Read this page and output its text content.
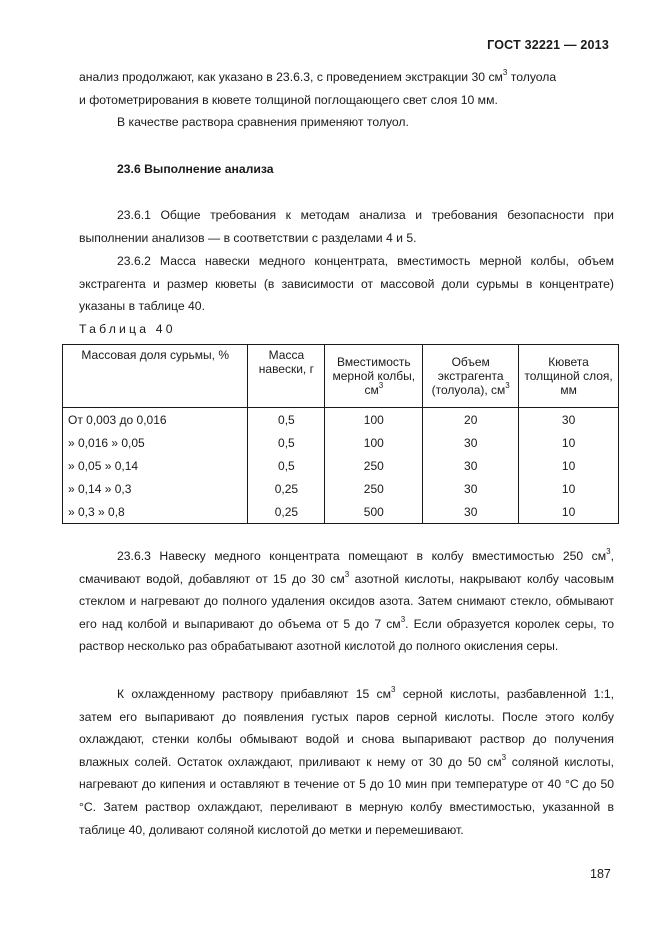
ГОСТ 32221 — 2013

анализ продолжают, как указано в 23.6.3, с проведением экстракции 30 $см^3$ толуола

и фотометрирования в кювете толщиной поглощающего свет слоя 10 мм.

В качестве раствора сравнения применяют толуол.

23.6 Выполнение анализа

23.6.1 Общие требования к методам анализа и требования безопасности при выполнении анализов — в соответствии с разделами 4 и 5.

23.6.2 Масса навески медного концентрата, вместимость мерной колбы, объем экстрагента и размер кюветы (в зависимости от массовой доли сурьмы в концентрате) указаны в таблице 40.

Таблица 40
Массовая доля сурьмы, %	Масса навески, г	Вместимость мерной колбы, $см^3$	Объем экстрагента (толуола), $см^3$	Кювета толщиной слоя, мм
От 0,003 до 0,016	0,5	100	20	30
» 0,016 » 0,05	0,5	100	30	10
» 0,05 » 0,14	0,5	250	30	10
» 0,14 » 0,3	0,25	250	30	10
» 0,3 » 0,8	0,25	500	30	10

23.6.3 Навеску медного концентрата помещают в колбу вместимостью 250 $см^3$, смачивают водой, добавляют от 15 до 30 $см^3$ азотной кислоты, накрывают колбу часовым стеклом и нагревают до полного удаления оксидов азота. Затем снимают стекло, обмывают его над колбой и выпаривают до объема от 5 до 7 $см^3$. Если образуется королек серы, то раствор несколько раз обрабатывают азотной кислотой до полного окисления серы.

К охлажденному раствору прибавляют 15 $см^3$ серной кислоты, разбавленной 1:1, затем его выпаривают до появления густых паров серной кислоты. После этого колбу охлаждают, стенки колбы обмывают водой и снова выпаривают раствор до получения влажных солей. Остаток охлаждают, приливают к нему от 30 до 50 $см^3$ соляной кислоты, нагревают до кипения и оставляют в течение от 5 до 10 мин при температуре от 40 °С до 50 °С. Затем раствор охлаждают, переливают в мерную колбу вместимостью, указанной в таблице 40, доливают соляной кислотой до метки и перемешивают.

187
